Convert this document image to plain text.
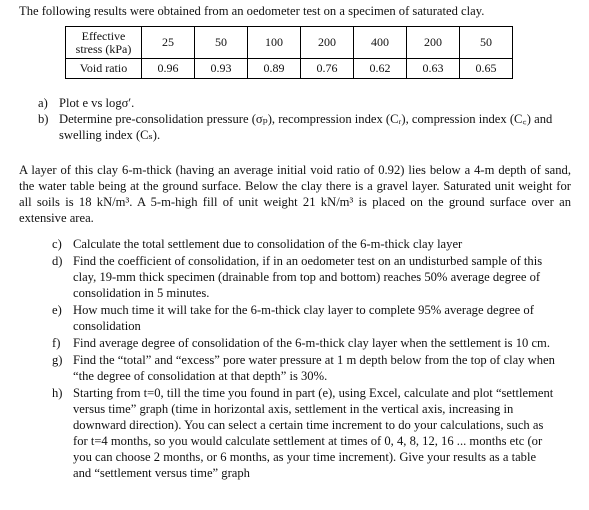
The following results were obtained from an oedometer test on a specimen of saturated clay.
Effective stress (kPa)	25	50	100	200	400	200	50
Void ratio	0.96	0.93	0.89	0.76	0.62	0.63	0.65
a) Plot e vs logσ′.
b) Determine pre-consolidation pressure (σₚ), recompression index (Cᵣ), compression index (C꜀) and swelling index (Cₛ).
A layer of this clay 6-m-thick (having an average initial void ratio of 0.92) lies below a 4-m depth of sand, the water table being at the ground surface. Below the clay there is a gravel layer. Saturated unit weight for all soils is 18 kN/m³. A 5-m-high fill of unit weight 21 kN/m³ is placed on the ground surface over an extensive area.
c) Calculate the total settlement due to consolidation of the 6-m-thick clay layer
d) Find the coefficient of consolidation, if in an oedometer test on an undisturbed sample of this clay, 19-mm thick specimen (drainable from top and bottom) reaches 50% average degree of consolidation in 5 minutes.
e) How much time it will take for the 6-m-thick clay layer to complete 95% average degree of consolidation
f) Find average degree of consolidation of the 6-m-thick clay layer when the settlement is 10 cm.
g) Find the “total” and “excess” pore water pressure at 1 m depth below from the top of clay when “the degree of consolidation at that depth” is 30%.
h) Starting from t=0, till the time you found in part (e), using Excel, calculate and plot “settlement versus time” graph (time in horizontal axis, settlement in the vertical axis, increasing in downward direction). You can select a certain time increment to do your calculations, such as for t=4 months, so you would calculate settlement at times of 0, 4, 8, 12, 16 ... months etc (or you can choose 2 months, or 6 months, as your time increment). Give your results as a table and “settlement versus time” graph
